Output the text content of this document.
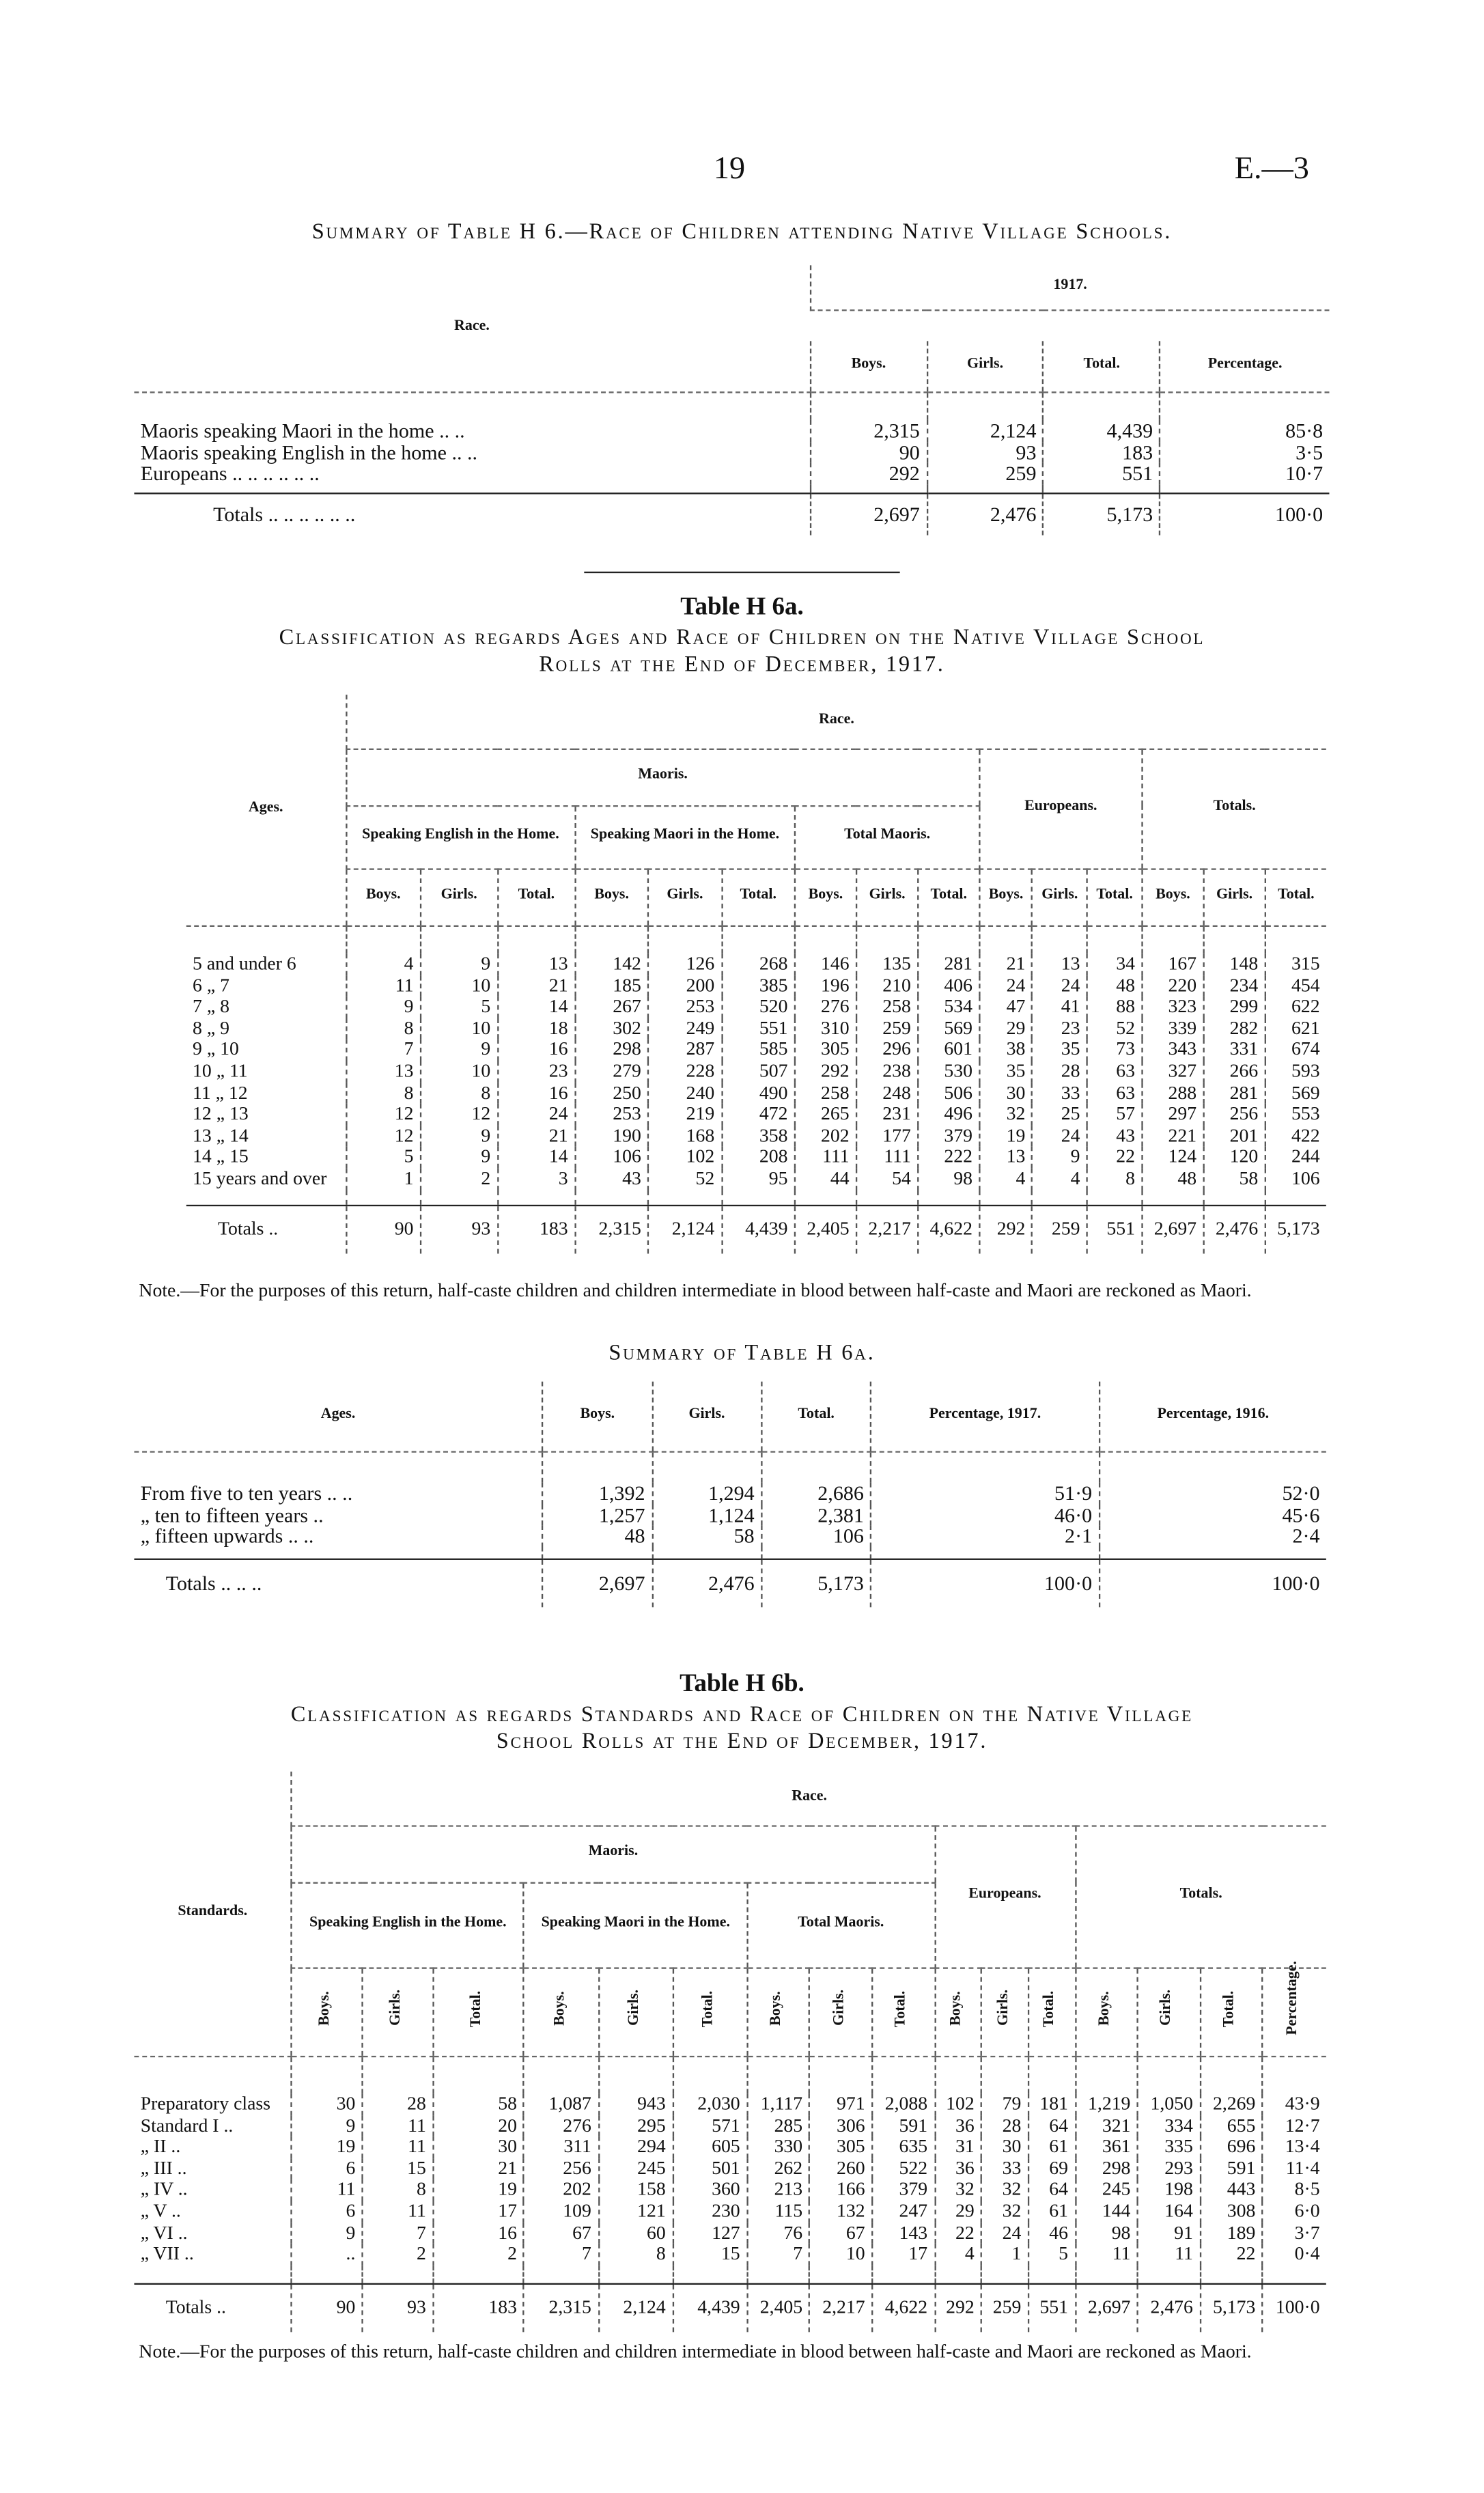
19	E.—3
Summary of Table H 6.—Race of Children attending Native Village Schools.
Race.	1917.			

	Boys.	Girls.	Total.	Percentage.

Maoris speaking Maori in the home .. ..	2,315	2,124	4,439	85·8
Maoris speaking English in the home .. ..	90	93	183	3·5
Europeans .. .. .. .. .. ..	292	259	551	10·7

Totals .. .. .. .. .. ..	2,697	2,476	5,173	100·0
Table H 6a.
Classification as regards Ages and Race of Children on the Native Village School
Rolls at the End of December, 1917.
Ages.	Race.														
	Maoris.									Europeans.			Totals.		
	Speaking English in the Home.			Speaking Maori in the Home.			Total Maoris.								
	Boys.	Girls.	Total.	Boys.	Girls.	Total.	Boys.	Girls.	Total.	Boys.	Girls.	Total.	Boys.	Girls.	Total.

5 and under 6	4	9	13	142	126	268	146	135	281	21	13	34	167	148	315
6 „ 7	11	10	21	185	200	385	196	210	406	24	24	48	220	234	454
7 „ 8	9	5	14	267	253	520	276	258	534	47	41	88	323	299	622
8 „ 9	8	10	18	302	249	551	310	259	569	29	23	52	339	282	621
9 „ 10	7	9	16	298	287	585	305	296	601	38	35	73	343	331	674
10 „ 11	13	10	23	279	228	507	292	238	530	35	28	63	327	266	593
11 „ 12	8	8	16	250	240	490	258	248	506	30	33	63	288	281	569
12 „ 13	12	12	24	253	219	472	265	231	496	32	25	57	297	256	553
13 „ 14	12	9	21	190	168	358	202	177	379	19	24	43	221	201	422
14 „ 15	5	9	14	106	102	208	111	111	222	13	9	22	124	120	244
15 years and over	1	2	3	43	52	95	44	54	98	4	4	8	48	58	106

Totals ..	90	93	183	2,315	2,124	4,439	2,405	2,217	4,622	292	259	551	2,697	2,476	5,173
Note.—For the purposes of this return, half-caste children and children intermediate in blood between half-caste and Maori are reckoned as Maori.
Summary of Table H 6a.
Ages.	Boys.	Girls.	Total.	Percentage, 1917.	Percentage, 1916.

From five to ten years .. ..	1,392	1,294	2,686	51·9	52·0
„ ten to fifteen years ..	1,257	1,124	2,381	46·0	45·6
„ fifteen upwards .. ..	48	58	106	2·1	2·4

Totals .. .. ..	2,697	2,476	5,173	100·0	100·0
Table H 6b.
Classification as regards Standards and Race of Children on the Native Village
School Rolls at the End of December, 1917.
Standards.	Race.															
	Maoris.									Europeans.			Totals.			
	Speaking English in the Home.			Speaking Maori in the Home.			Total Maoris.									
	Boys.	Girls.	Total.	Boys.	Girls.	Total.	Boys.	Girls.	Total.	Boys.	Girls.	Total.	Boys.	Girls.	Total.	Percentage.

Preparatory class	30	28	58	1,087	943	2,030	1,117	971	2,088	102	79	181	1,219	1,050	2,269	43·9
Standard I ..	9	11	20	276	295	571	285	306	591	36	28	64	321	334	655	12·7
„ II ..	19	11	30	311	294	605	330	305	635	31	30	61	361	335	696	13·4
„ III ..	6	15	21	256	245	501	262	260	522	36	33	69	298	293	591	11·4
„ IV ..	11	8	19	202	158	360	213	166	379	32	32	64	245	198	443	8·5
„ V ..	6	11	17	109	121	230	115	132	247	29	32	61	144	164	308	6·0
„ VI ..	9	7	16	67	60	127	76	67	143	22	24	46	98	91	189	3·7
„ VII ..	..	2	2	7	8	15	7	10	17	4	1	5	11	11	22	0·4

Totals ..	90	93	183	2,315	2,124	4,439	2,405	2,217	4,622	292	259	551	2,697	2,476	5,173	100·0
Note.—For the purposes of this return, half-caste children and children intermediate in blood between half-caste and Maori are reckoned as Maori.
